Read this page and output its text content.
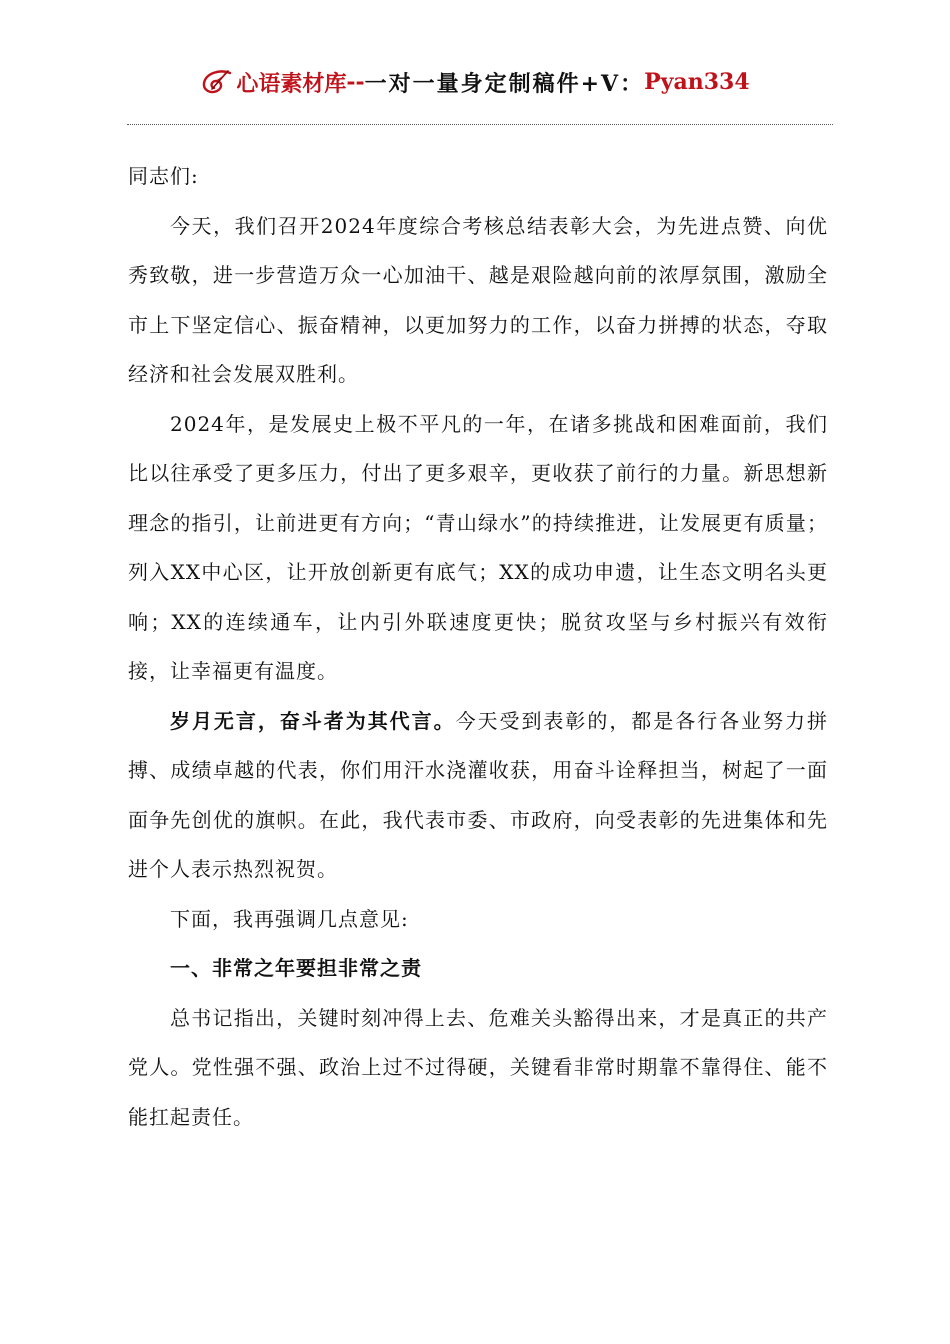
心语素材库 -- 一对一量身定制稿件+V： Pyan334

同志们:

今天，我们召开2024年度综合考核总结表彰大会，为先进点赞、向优秀致敬，进一步营造万众一心加油干、越是艰险越向前的浓厚氛围，激励全市上下坚定信心、振奋精神，以更加努力的工作，以奋力拼搏的状态，夺取经济和社会发展双胜利。

2024年，是发展史上极不平凡的一年，在诸多挑战和困难面前，我们比以往承受了更多压力，付出了更多艰辛，更收获了前行的力量。新思想新理念的指引，让前进更有方向；“青山绿水”的持续推进，让发展更有质量；列入XX中心区，让开放创新更有底气；XX的成功申遗，让生态文明名头更响；XX的连续通车，让内引外联速度更快；脱贫攻坚与乡村振兴有效衔接，让幸福更有温度。

岁月无言，奋斗者为其代言。今天受到表彰的，都是各行各业努力拼搏、成绩卓越的代表，你们用汗水浇灌收获，用奋斗诠释担当，树起了一面面争先创优的旗帜。在此，我代表市委、市政府，向受表彰的先进集体和先进个人表示热烈祝贺。

下面，我再强调几点意见:

一、非常之年要担非常之责

总书记指出，关键时刻冲得上去、危难关头豁得出来，才是真正的共产党人。党性强不强、政治上过不过得硬，关键看非常时期靠不靠得住、能不能扛起责任。
